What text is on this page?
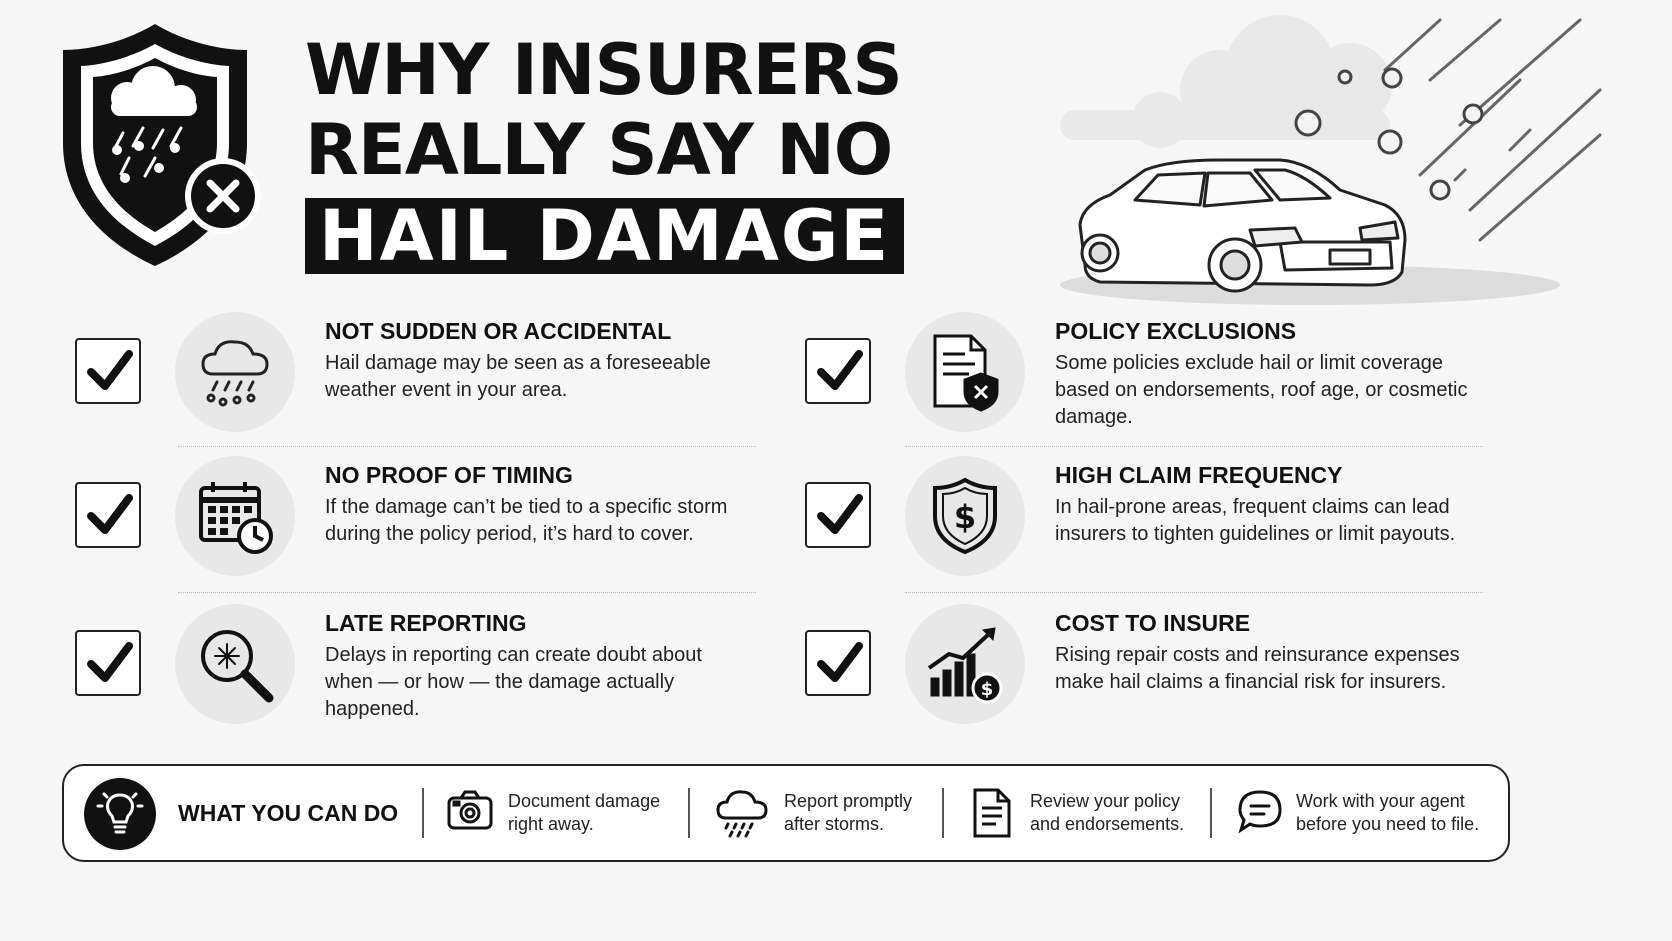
WHY INSURERS
REALLY SAY NO
HAIL DAMAGE
NOT SUDDEN OR ACCIDENTAL
Hail damage may be seen as a foreseeable weather event in your area.
NO PROOF OF TIMING
If the damage can’t be tied to a specific storm during the policy period, it’s hard to cover.
LATE REPORTING
Delays in reporting can create doubt about when — or how — the damage actually happened.
POLICY EXCLUSIONS
Some policies exclude hail or limit coverage based on endorsements, roof age, or cosmetic damage.
$
HIGH CLAIM FREQUENCY
In hail-prone areas, frequent claims can lead insurers to tighten guidelines or limit payouts.
$
COST TO INSURE
Rising repair costs and reinsurance expenses make hail claims a financial risk for insurers.
WHAT YOU CAN DO	Document damage
right away.
Report promptly
after storms.
Review your policy
and endorsements.
Work with your agent
before you need to file.
